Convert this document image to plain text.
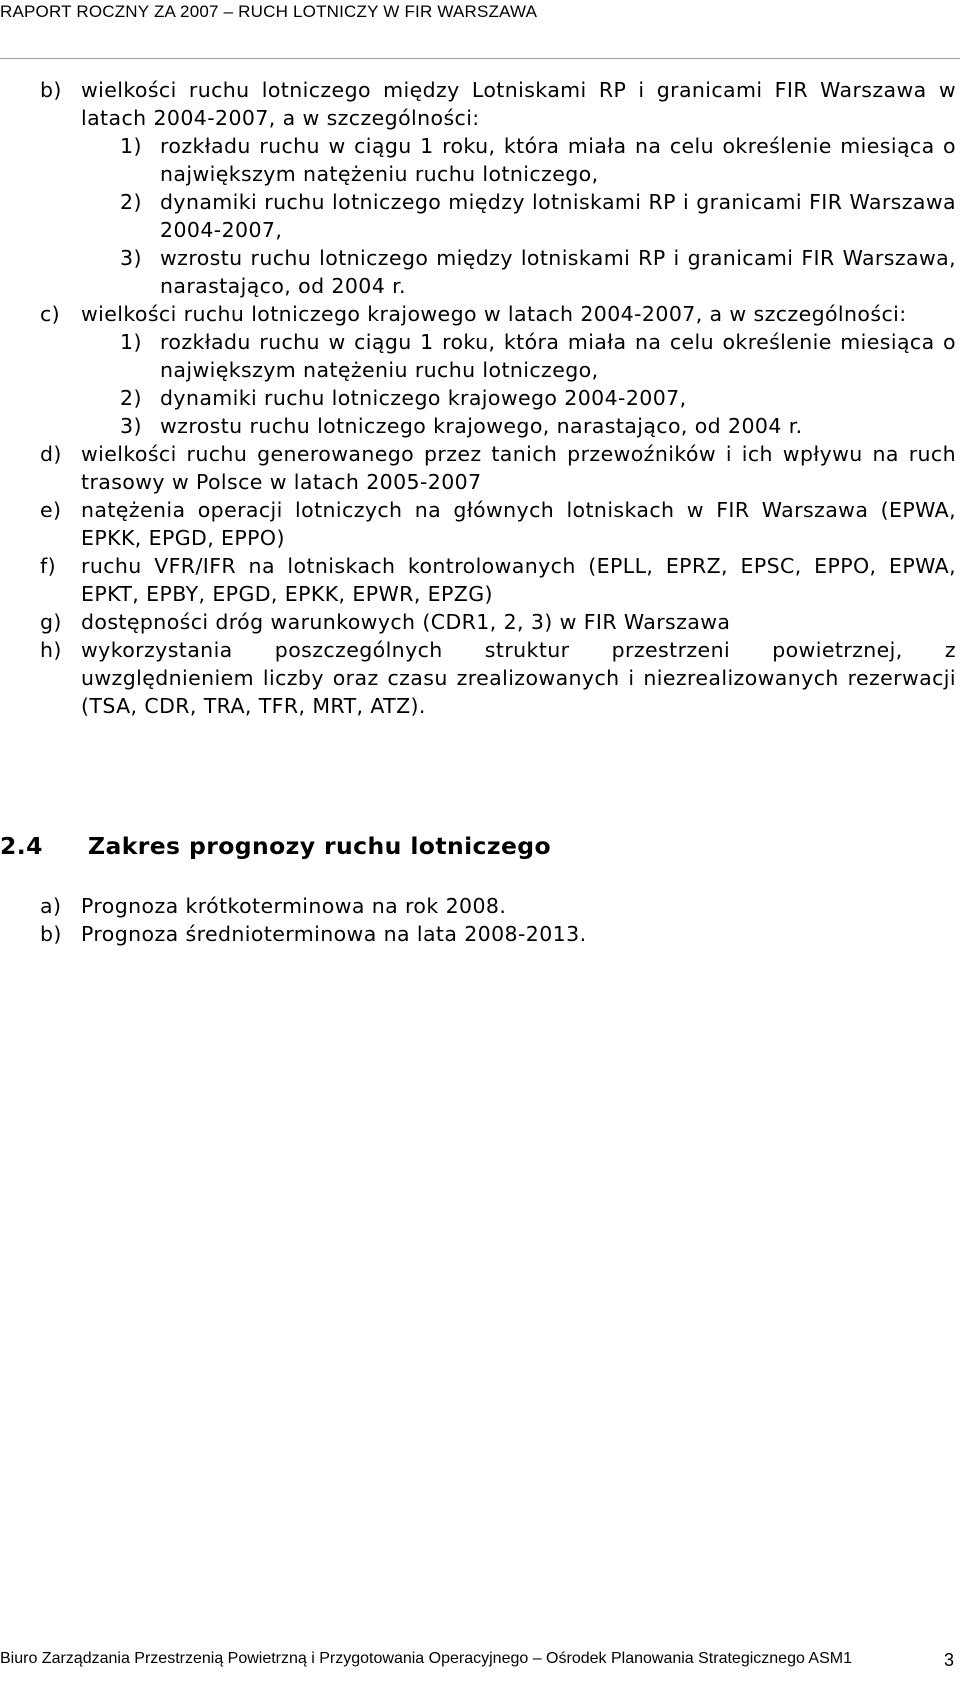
RAPORT ROCZNY ZA 2007 – RUCH LOTNICZY W FIR WARSZAWA
b) wielkości ruchu lotniczego między Lotniskami RP i granicami FIR Warszawa w latach 2004-2007, a w szczególności:
1) rozkładu ruchu w ciągu 1 roku, która miała na celu określenie miesiąca o największym natężeniu ruchu lotniczego,
2) dynamiki ruchu lotniczego między lotniskami RP i granicami FIR Warszawa 2004-2007,
3) wzrostu ruchu lotniczego między lotniskami RP i granicami FIR Warszawa, narastająco, od 2004 r.
c) wielkości ruchu lotniczego krajowego w latach 2004-2007, a w szczególności:
1) rozkładu ruchu w ciągu 1 roku, która miała na celu określenie miesiąca o największym natężeniu ruchu lotniczego,
2) dynamiki ruchu lotniczego krajowego 2004-2007,
3) wzrostu ruchu lotniczego krajowego, narastająco, od 2004 r.
d) wielkości ruchu generowanego przez tanich przewoźników i ich wpływu na ruch trasowy w Polsce w latach 2005-2007
e) natężenia operacji lotniczych na głównych lotniskach w FIR Warszawa (EPWA, EPKK, EPGD, EPPO)
f) ruchu VFR/IFR na lotniskach kontrolowanych (EPLL, EPRZ, EPSC, EPPO, EPWA, EPKT, EPBY, EPGD, EPKK, EPWR, EPZG)
g) dostępności dróg warunkowych (CDR1, 2, 3) w FIR Warszawa
h) wykorzystania poszczególnych struktur przestrzeni powietrznej, z uwzględnieniem liczby oraz czasu zrealizowanych i niezrealizowanych rezerwacji (TSA, CDR, TRA, TFR, MRT, ATZ).
2.4 Zakres prognozy ruchu lotniczego
a) Prognoza krótkoterminowa na rok 2008.
b) Prognoza średnioterminowa na lata 2008-2013.
Biuro Zarządzania Przestrzenią Powietrzną i Przygotowania Operacyjnego – Ośrodek Planowania Strategicznego ASM1	3
